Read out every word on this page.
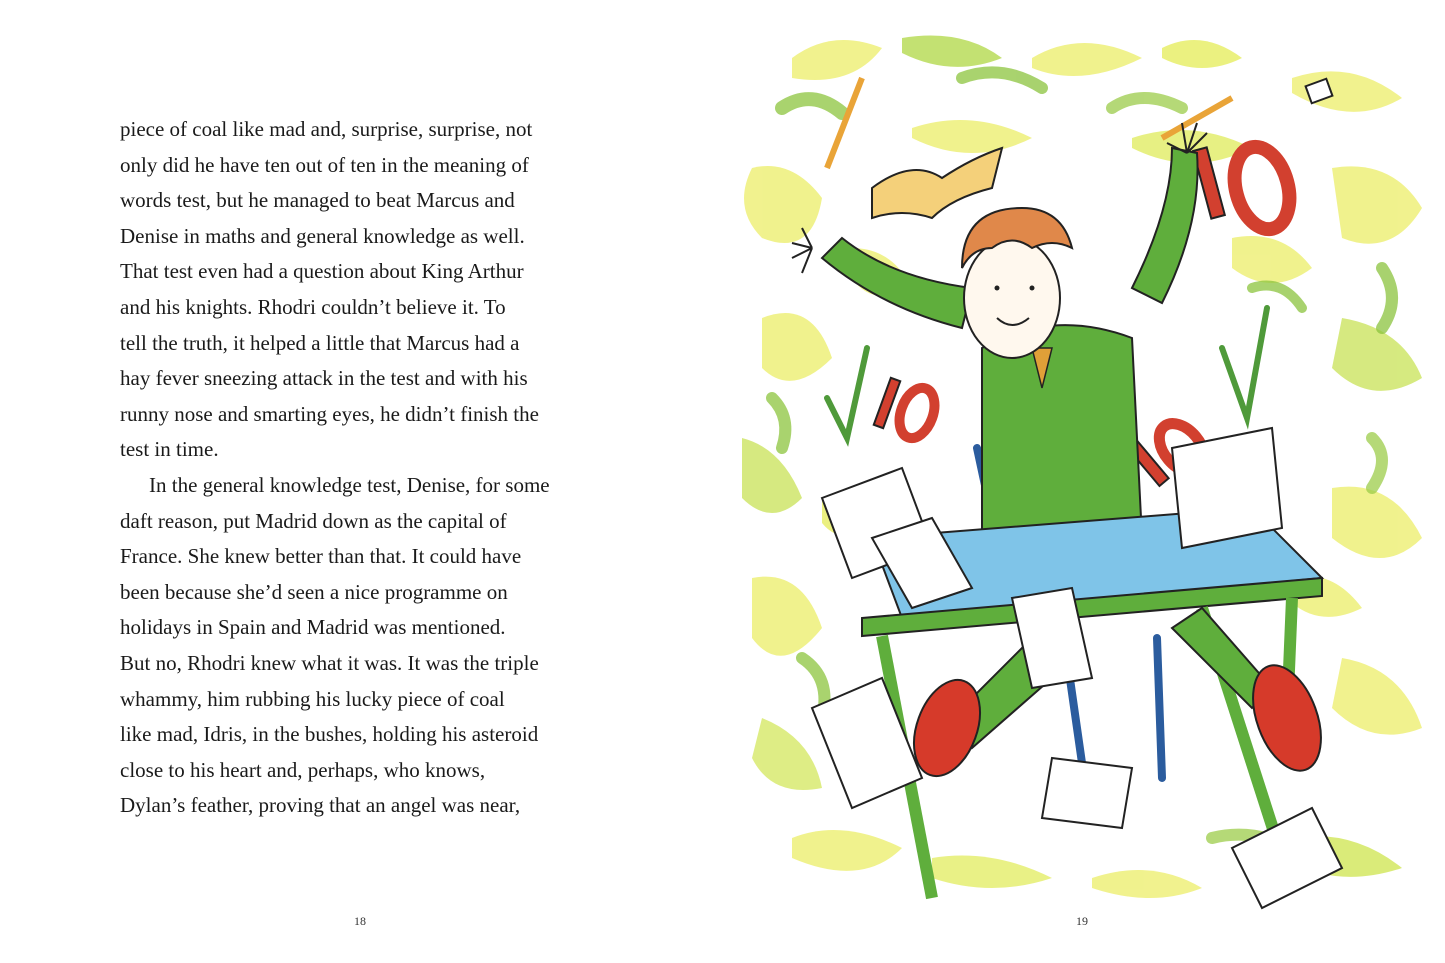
piece of coal like mad and, surprise, surprise, not
only did he have ten out of ten in the meaning of
words test, but he managed to beat Marcus and
Denise in maths and general knowledge as well.
That test even had a question about King Arthur
and his knights. Rhodri couldn’t believe it. To
tell the truth, it helped a little that Marcus had a
hay fever sneezing attack in the test and with his
runny nose and smarting eyes, he didn’t finish the
test in time.
In the general knowledge test, Denise, for some
daft reason, put Madrid down as the capital of
France. She knew better than that. It could have
been because she’d seen a nice programme on
holidays in Spain and Madrid was mentioned.
But no, Rhodri knew what it was. It was the triple
whammy, him rubbing his lucky piece of coal
like mad, Idris, in the bushes, holding his asteroid
close to his heart and, perhaps, who knows,
Dylan’s feather, proving that an angel was near,
18	19
